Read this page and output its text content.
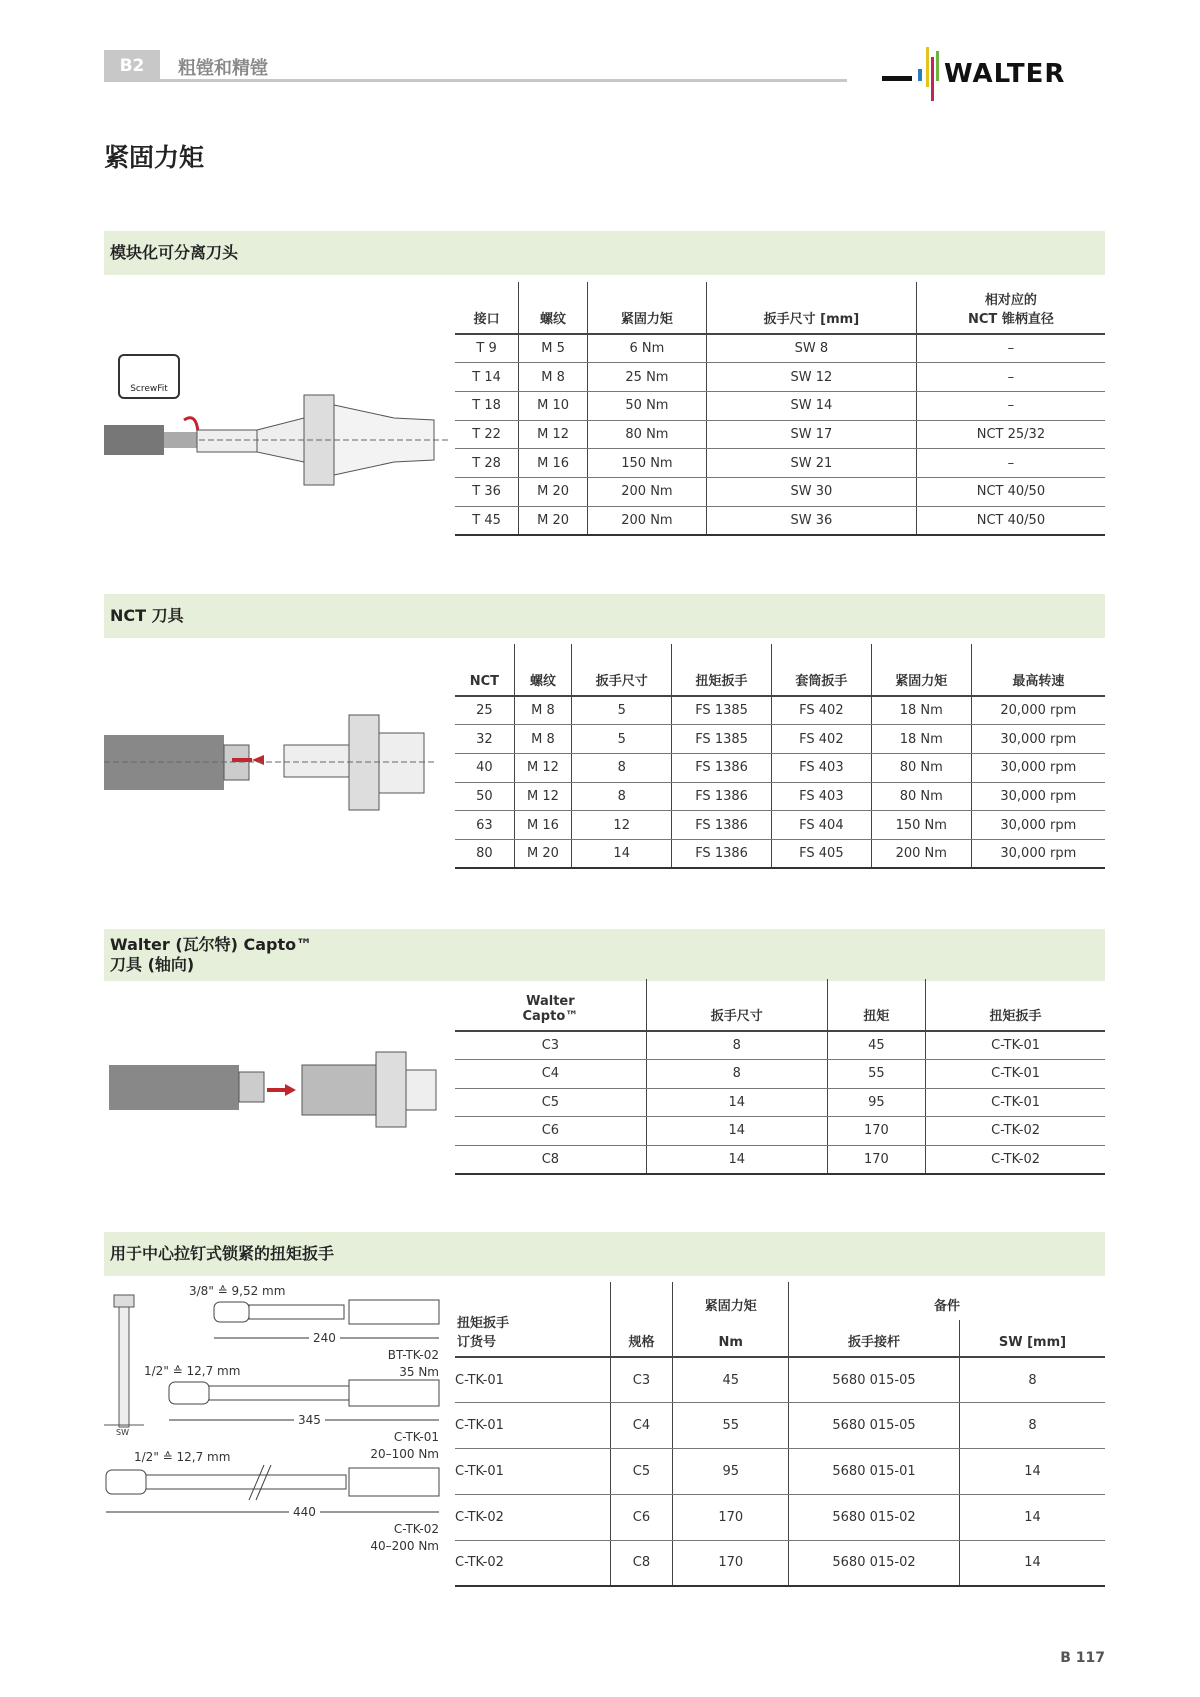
B2	粗镗和精镗	WALTER
紧固力矩
模块化可分离刀头
ScrewFit
接口	螺纹	紧固力矩	扳手尺寸 [mm]	相对应的
NCT 锥柄直径
T 9	M 5	6 Nm	SW 8	–
T 14	M 8	25 Nm	SW 12	–
T 18	M 10	50 Nm	SW 14	–
T 22	M 12	80 Nm	SW 17	NCT 25/32
T 28	M 16	150 Nm	SW 21	–
T 36	M 20	200 Nm	SW 30	NCT 40/50
T 45	M 20	200 Nm	SW 36	NCT 40/50
NCT 刀具
NCT	螺纹	扳手尺寸	扭矩扳手	套筒扳手	紧固力矩	最高转速
25	M 8	5	FS 1385	FS 402	18 Nm	20,000 rpm
32	M 8	5	FS 1385	FS 402	18 Nm	30,000 rpm
40	M 12	8	FS 1386	FS 403	80 Nm	30,000 rpm
50	M 12	8	FS 1386	FS 403	80 Nm	30,000 rpm
63	M 16	12	FS 1386	FS 404	150 Nm	30,000 rpm
80	M 20	14	FS 1386	FS 405	200 Nm	30,000 rpm
Walter (瓦尔特) Capto™
刀具 (轴向)
Walter
Capto™	扳手尺寸	扭矩	扭矩扳手
C3	8	45	C-TK-01
C4	8	55	C-TK-01
C5	14	95	C-TK-01
C6	14	170	C-TK-02
C8	14	170	C-TK-02
用于中心拉钉式锁紧的扭矩扳手
3/8" ≙ 9,52 mm
240
BT-TK-02
35 Nm
1/2" ≙ 12,7 mm
345
SW	C-TK-01
20–100 Nm
1/2" ≙ 12,7 mm
440
C-TK-02
40–200 Nm
扭矩扳手
订货号	规格	紧固力矩	备件	
		Nm	扳手接杆	SW [mm]
C-TK-01	C3	45	5680 015-05	8
C-TK-01	C4	55	5680 015-05	8
C-TK-01	C5	95	5680 015-01	14
C-TK-02	C6	170	5680 015-02	14
C-TK-02	C8	170	5680 015-02	14
B 117
